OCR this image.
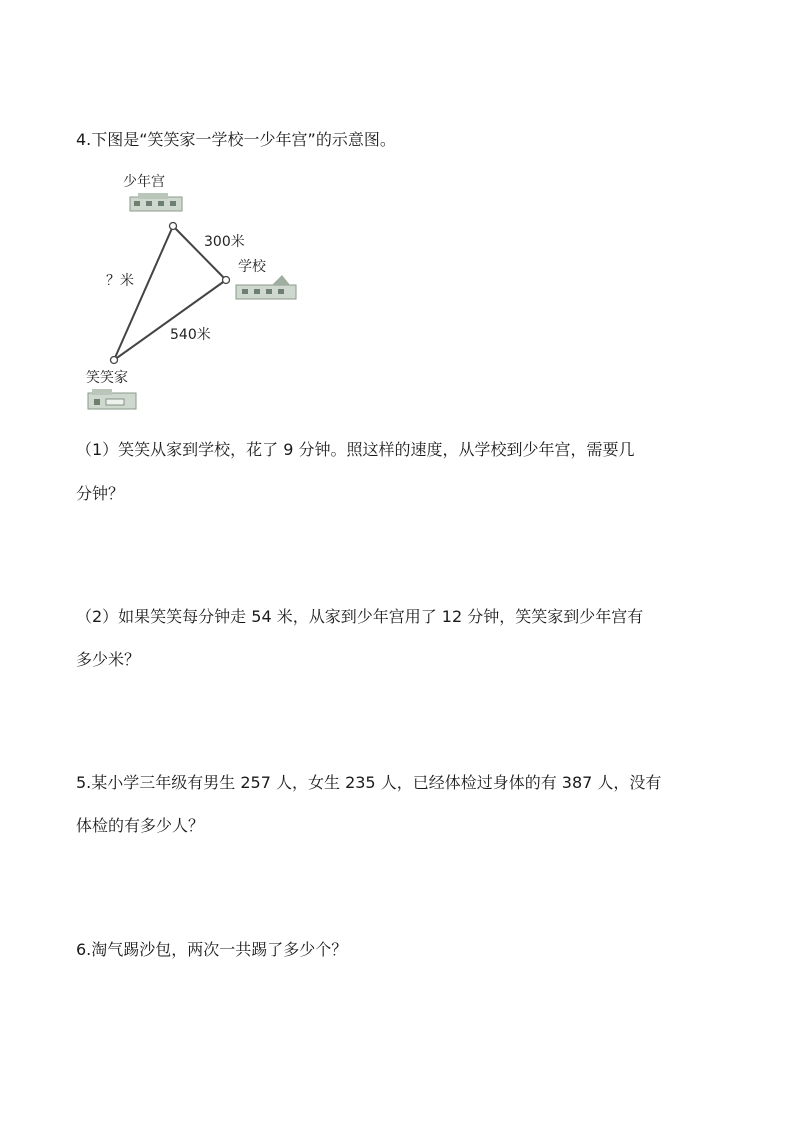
4.下图是“笑笑家一学校一少年宫”的示意图。

少年宫
学校
笑笑家
300米
540米
？米

（1）笑笑从家到学校，花了 9 分钟。照这样的速度，从学校到少年宫，需要几

分钟？

（2）如果笑笑每分钟走 54 米，从家到少年宫用了 12 分钟，笑笑家到少年宫有

多少米？

5.某小学三年级有男生 257 人，女生 235 人，已经体检过身体的有 387 人，没有

体检的有多少人？

6.淘气踢沙包，两次一共踢了多少个？
